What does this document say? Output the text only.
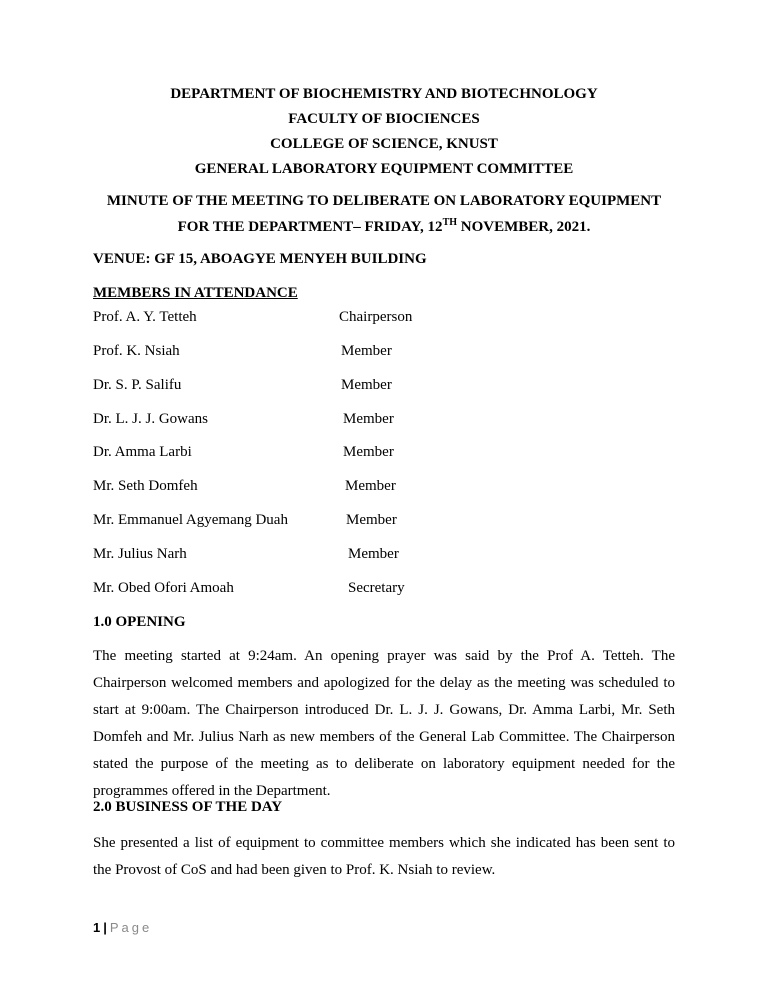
DEPARTMENT OF BIOCHEMISTRY AND BIOTECHNOLOGY
FACULTY OF BIOCIENCES
COLLEGE OF SCIENCE, KNUST
GENERAL LABORATORY EQUIPMENT COMMITTEE
MINUTE OF THE MEETING TO DELIBERATE ON LABORATORY EQUIPMENT
FOR THE DEPARTMENT– FRIDAY, 12TH NOVEMBER, 2021.
VENUE: GF 15, ABOAGYE MENYEH BUILDING
MEMBERS IN ATTENDANCE
Prof. A. Y. Tetteh	Chairperson
Prof. K. Nsiah	Member
Dr. S. P. Salifu	Member
Dr. L. J. J. Gowans	Member
Dr. Amma Larbi	Member
Mr. Seth Domfeh	Member
Mr. Emmanuel Agyemang Duah	Member
Mr. Julius Narh	Member
Mr. Obed Ofori Amoah	Secretary
1.0 OPENING
The meeting started at 9:24am. An opening prayer was said by the Prof A. Tetteh. The Chairperson welcomed members and apologized for the delay as the meeting was scheduled to start at 9:00am. The Chairperson introduced Dr. L. J. J. Gowans, Dr. Amma Larbi, Mr. Seth Domfeh and Mr. Julius Narh as new members of the General Lab Committee. The Chairperson stated the purpose of the meeting as to deliberate on laboratory equipment needed for the programmes offered in the Department.
2.0 BUSINESS OF THE DAY
She presented a list of equipment to committee members which she indicated has been sent to the Provost of CoS and had been given to Prof. K. Nsiah to review.
1 | Page
